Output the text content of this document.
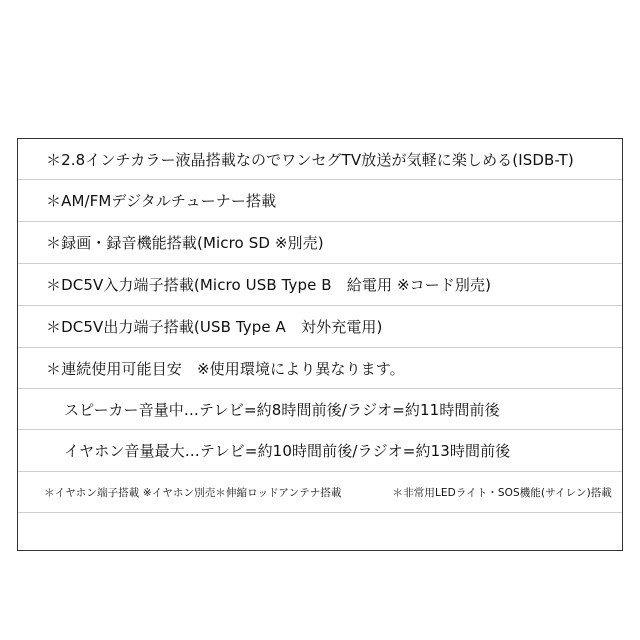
＊2.8インチカラー液晶搭載なのでワンセグTV放送が気軽に楽しめる(ISDB-T)
＊AM/FMデジタルチューナー搭載
＊録画・録音機能搭載(Micro SD ※別売)
＊DC5V入力端子搭載(Micro USB Type B　給電用 ※コード別売)
＊DC5V出力端子搭載(USB Type A　対外充電用)
＊連続使用可能目安　※使用環境により異なります。
スピーカー音量中…テレビ=約8時間前後/ラジオ=約11時間前後
イヤホン音量最大…テレビ=約10時間前後/ラジオ=約13時間前後
＊イヤホン端子搭載 ※イヤホン別売＊伸縮ロッドアンテナ搭載	＊非常用LEDライト・SOS機能(サイレン)搭載
